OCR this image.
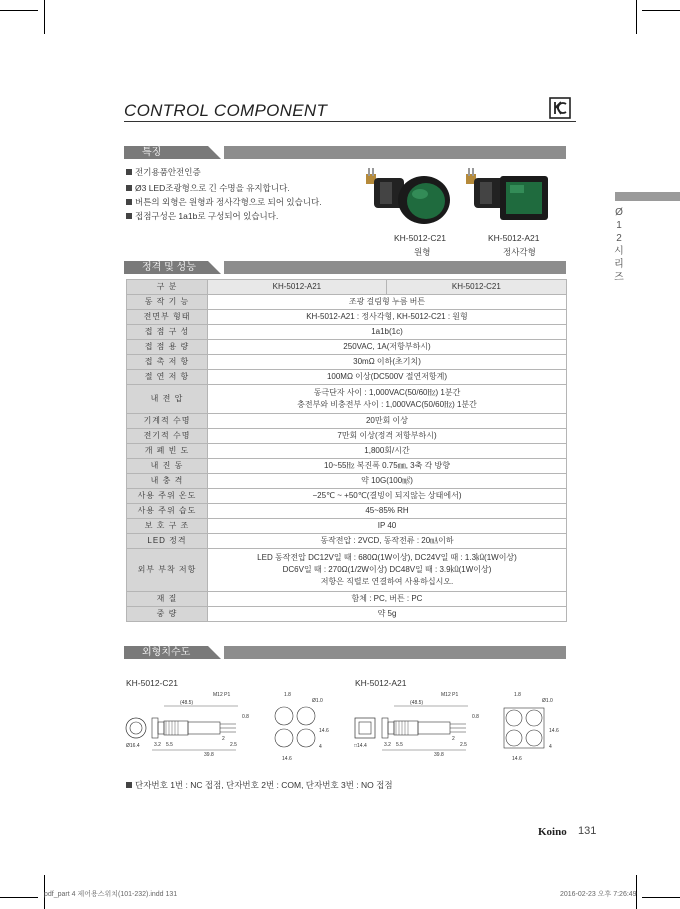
CONTROL COMPONENT
Ø
1
2
시
리
즈
특징
전기용품안전인증
Ø3 LED조광형으로 긴 수명을 유지합니다.
버튼의 외형은 원형과 정사각형으로 되어 있습니다.
접점구성은 1a1b로 구성되어 있습니다.
KH-5012-C21
원형
KH-5012-A21
정사각형
정격 및 성능
구 분	KH-5012-A21	KH-5012-C21
동 작 기 능	조광 걸림형 누름 버튼	
전면부 형태	KH-5012-A21 : 정사각형, KH-5012-C21 : 원형	
접 점 구 성	1a1b(1c)	
접 점 용 량	250VAC, 1A(저항부하시)	
접 촉 저 항	30mΩ 이하(초기치)	
절 연 저 항	100MΩ 이상(DC500V 절연저항계)	
내 전 압	동극단자 사이 : 1,000VAC(50/60㎐) 1분간
충전부와 비충전부 사이 : 1,000VAC(50/60㎐) 1분간	

기계적 수명	20만회 이상	
전기적 수명	7만회 이상(정격 저항부하시)	
개 폐 빈 도	1,800회/시간	
내 진 동	10~55㎐ 복진폭 0.75㎜, 3축 각 방향	
내 충 격	약 10G(100㎨)	
사용 주위 온도	−25℃ ~ +50℃(결빙이 되지않는 상태에서)	
사용 주위 습도	45~85% RH	
보 호 구 조	IP 40	
LED 정격	동작전압 : 2VCD, 동작전류 : 20㎃이하	
외부 부착 저항	LED 동작전압 DC12V일 때 : 680Ω(1W이상), DC24V일 때 : 1.3㏀(1W이상)
DC6V일 때 : 270Ω(1/2W이상) DC48V일 때 : 3.9㏀(1W이상)
저항은 직렬로 연결하여 사용하십시오.	

재 질	함체 : PC, 버튼 : PC	
중 량	약 5g	
외형치수도
KH-5012-C21	KH-5012-A21
Ø16.4
M12 P1
(48.5)
0.8
3.2 5.5
2
2.5
39.8
1.8
Ø1.0
14.6
14.6
4	□14.4
M12 P1
(48.5)
0.8
3.2 5.5
2
2.5
39.8
1.8
Ø1.0
14.6
14.6
4
단자번호 1번 : NC 접점, 단자번호 2번 : COM, 단자번호 3번 : NO 접점
Koino 131
pdf_part 4 제어용스위치(101-232).indd 131	2016-02-23 오후 7:26:49
